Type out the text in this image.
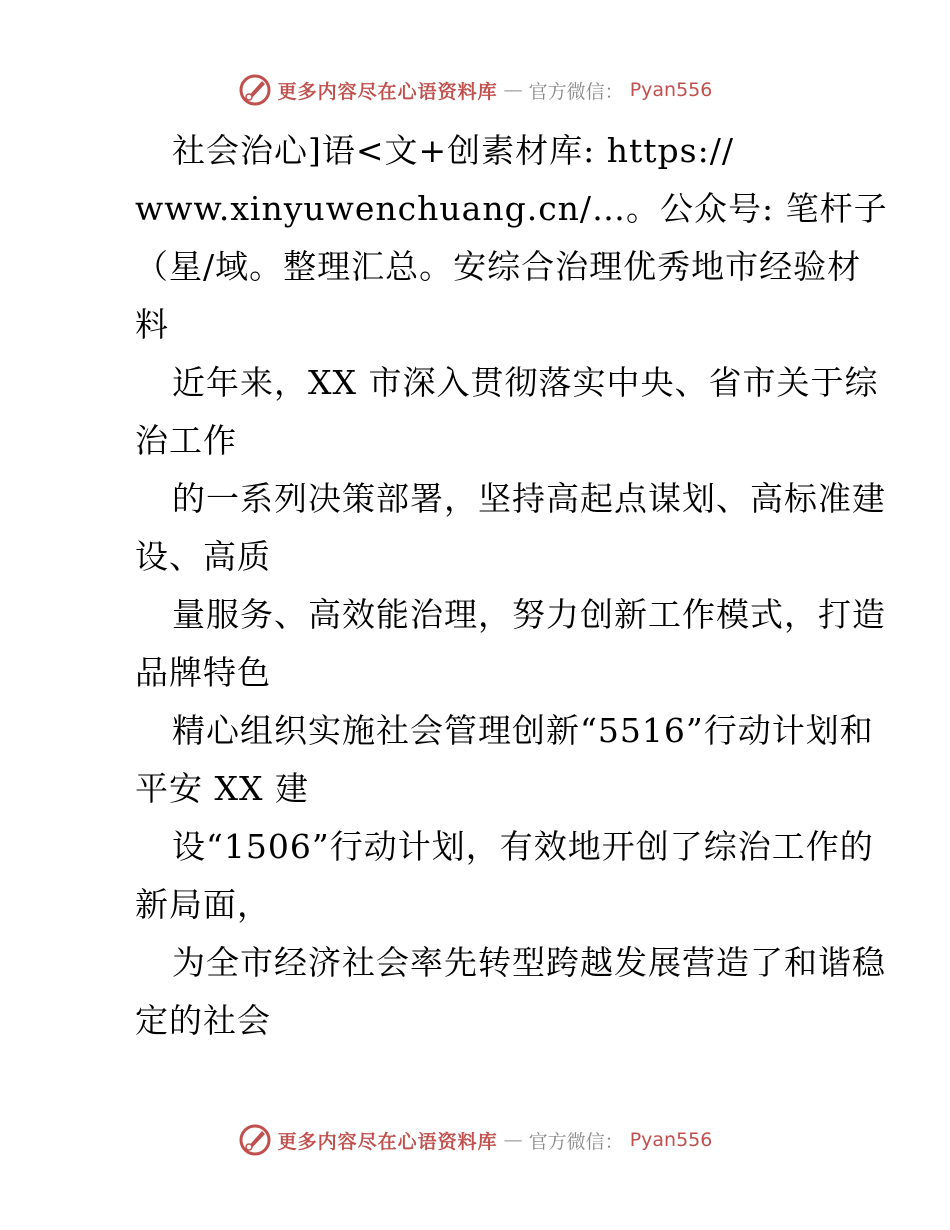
更多内容尽在心语资料库 — 官方微信： Pyan556
社会治心]语<文+创素材库: https://
www.xinyuwenchuang.cn/…。公众号: 笔杆子
（星/域。整理汇总。安综合治理优秀地市经验材
料
近年来，XX 市深入贯彻落实中央、省市关于综
治工作
的一系列决策部署，坚持高起点谋划、高标准建
设、高质
量服务、高效能治理，努力创新工作模式，打造
品牌特色
精心组织实施社会管理创新“5516”行动计划和
平安 XX 建
设“1506”行动计划，有效地开创了综治工作的
新局面，
为全市经济社会率先转型跨越发展营造了和谐稳
定的社会
更多内容尽在心语资料库 — 官方微信： Pyan556
